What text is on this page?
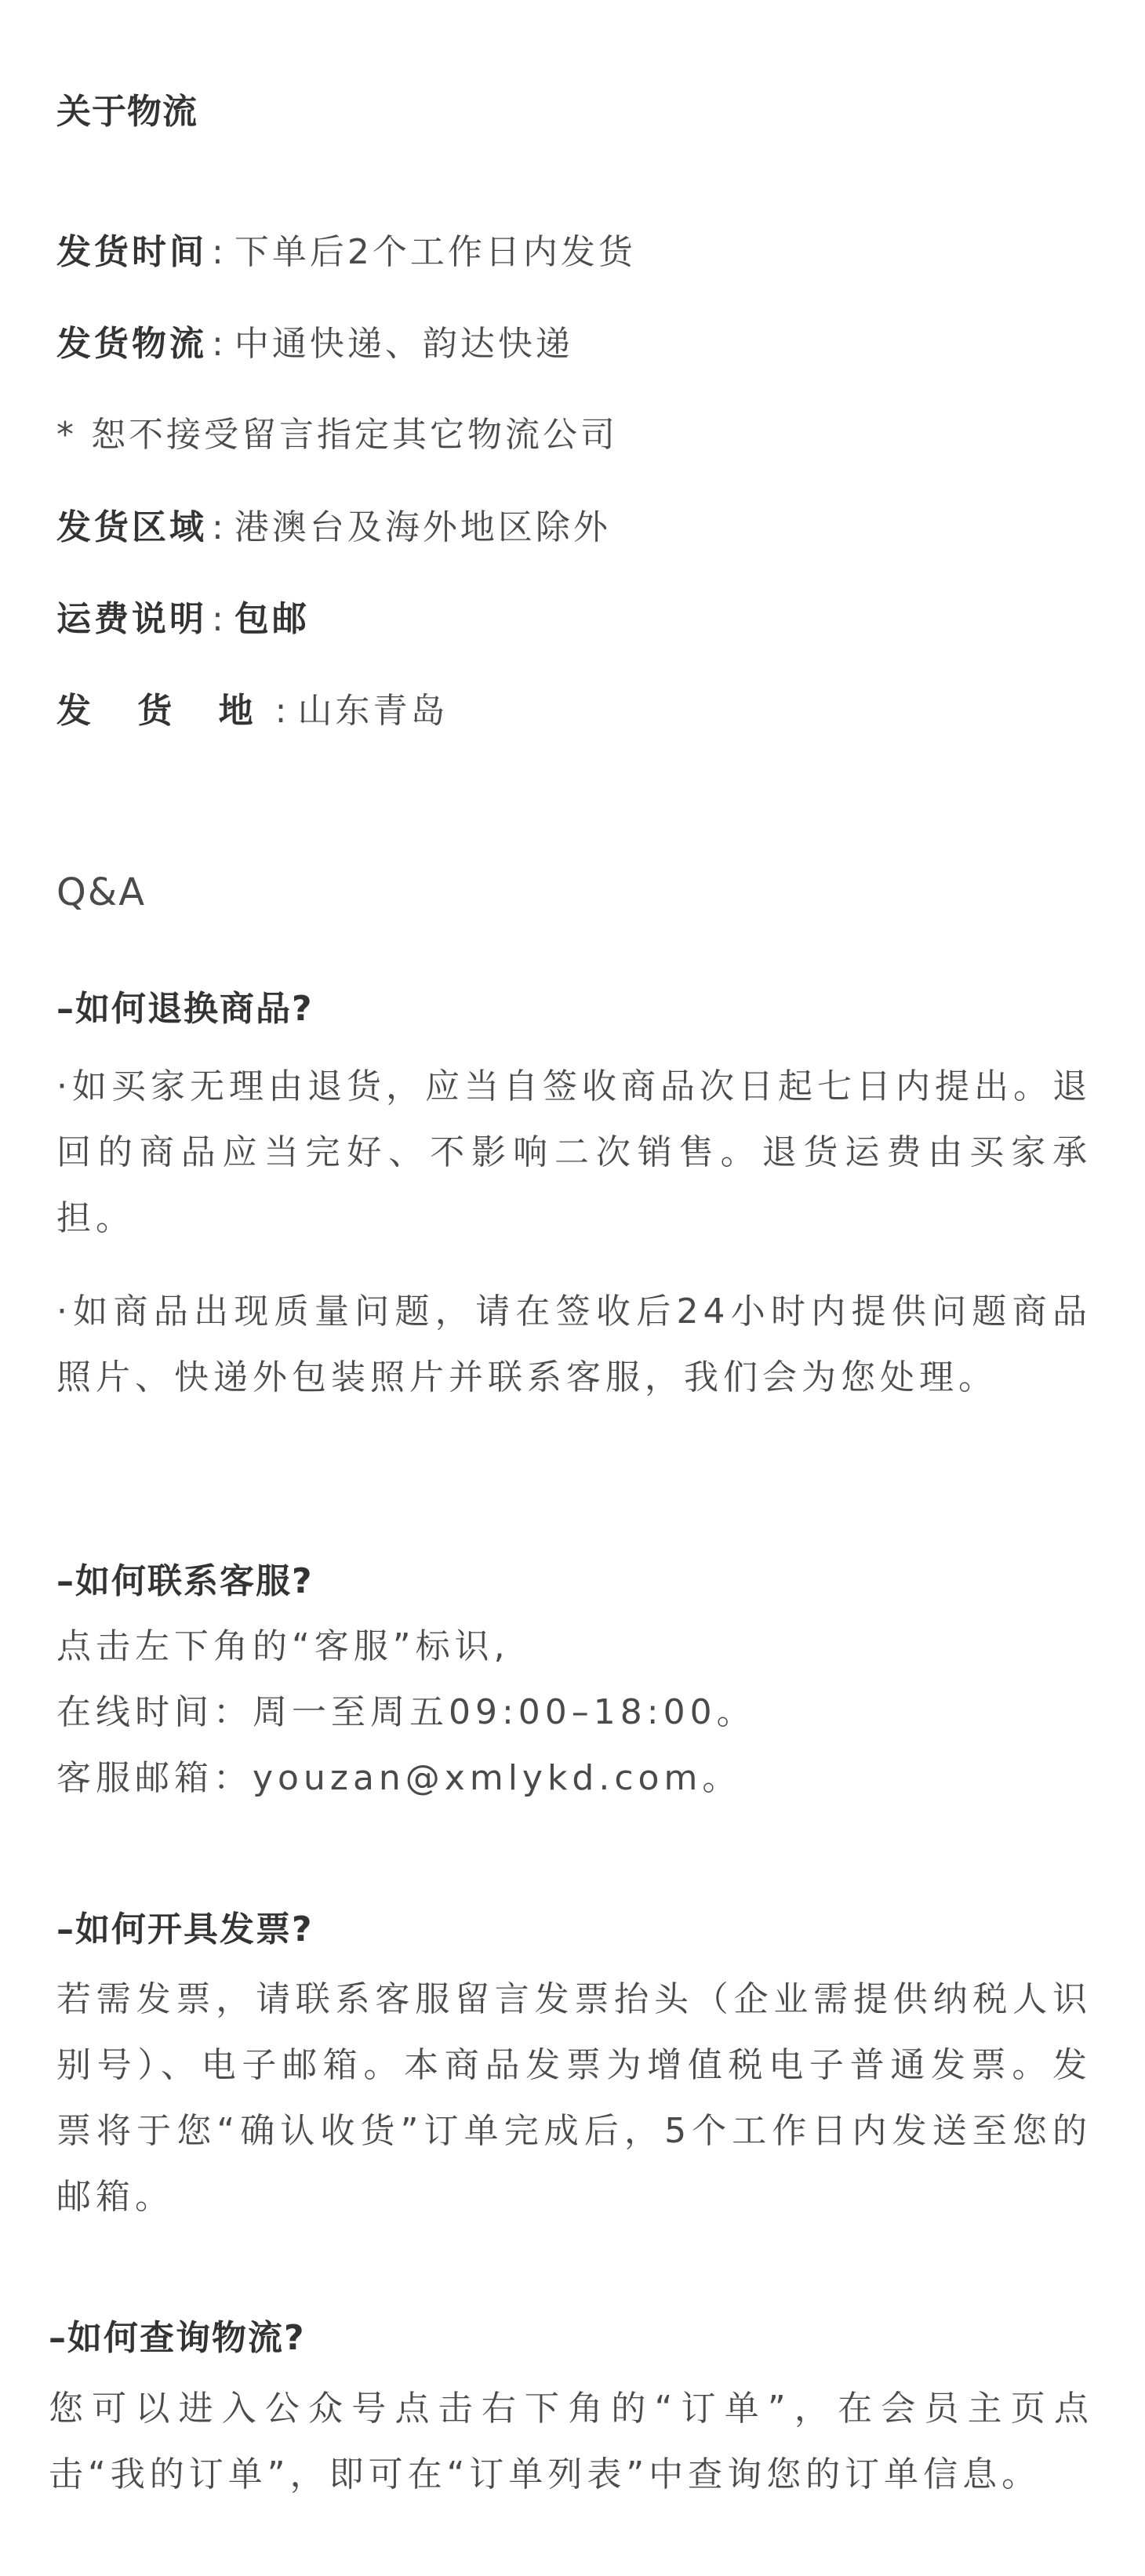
关于物流
发货时间 : 下单后2个工作日内发货
发货物流 : 中通快递、韵达快递
* 恕不接受留言指定其它物流公司
发货区域 : 港澳台及海外地区除外
运费说明 : 包邮
发 货 地 : 山东青岛
Q&A
–如何退换商品?

·如买家无理由退货，应当自签收商品次日起七日内提出。退回的商品应当完好、不影响二次销售。退货运费由买家承担。

·如商品出现质量问题，请在签收后24小时内提供问题商品照片、快递外包装照片并联系客服，我们会为您处理。

–如何联系客服?

点击左下角的“客服”标识,

在线时间：周一至周五09:00–18:00。

客服邮箱：youzan@xmlykd.com。

–如何开具发票?

若需发票，请联系客服留言发票抬头（企业需提供纳税人识别号）、电子邮箱。本商品发票为增值税电子普通发票。发票将于您“确认收货”订单完成后，5个工作日内发送至您的邮箱。

–如何查询物流?

您可以进入公众号点击右下角的“订单”，在会员主页点击“我的订单”，即可在“订单列表”中查询您的订单信息。
